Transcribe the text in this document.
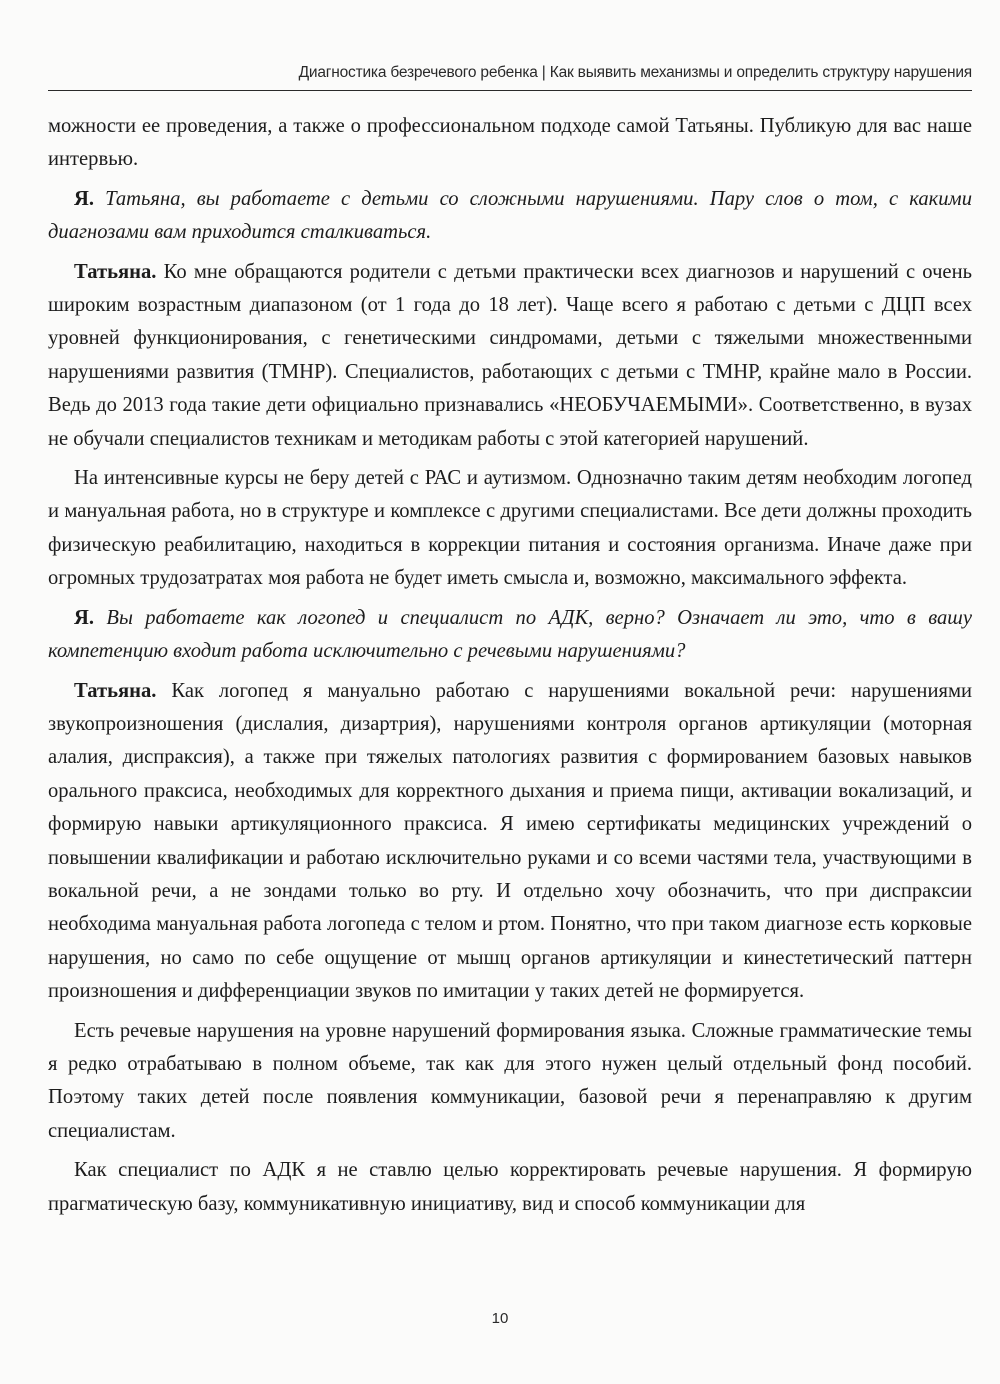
Диагностика безречевого ребенка | Как выявить механизмы и определить структуру нарушения

можности ее проведения, а также о профессиональном подходе самой Татьяны. Публикую для вас наше интервью.

Я. Татьяна, вы работаете с детьми со сложными нарушениями. Пару слов о том, с какими диагнозами вам приходится сталкиваться.

Татьяна. Ко мне обращаются родители с детьми практически всех диагнозов и нарушений с очень широким возрастным диапазоном (от 1 года до 18 лет). Чаще всего я работаю с детьми с ДЦП всех уровней функционирования, с генетическими синдромами, детьми с тяжелыми множественными нарушениями развития (ТМНР). Специалистов, работающих с детьми с ТМНР, крайне мало в России. Ведь до 2013 года такие дети официально признавались «НЕОБУЧАЕМЫМИ». Соответственно, в вузах не обучали специалистов техникам и методикам работы с этой категорией нарушений.

На интенсивные курсы не беру детей с РАС и аутизмом. Однозначно таким детям необходим логопед и мануальная работа, но в структуре и комплексе с другими специалистами. Все дети должны проходить физическую реабилитацию, находиться в коррекции питания и состояния организма. Иначе даже при огромных трудозатратах моя работа не будет иметь смысла и, возможно, максимального эффекта.

Я. Вы работаете как логопед и специалист по АДК, верно? Означает ли это, что в вашу компетенцию входит работа исключительно с речевыми нарушениями?

Татьяна. Как логопед я мануально работаю с нарушениями вокальной речи: нарушениями звукопроизношения (дислалия, дизартрия), нарушениями контроля органов артикуляции (моторная алалия, диспраксия), а также при тяжелых патологиях развития с формированием базовых навыков орального праксиса, необходимых для корректного дыхания и приема пищи, активации вокализаций, и формирую навыки артикуляционного праксиса. Я имею сертификаты медицинских учреждений о повышении квалификации и работаю исключительно руками и со всеми частями тела, участвующими в вокальной речи, а не зондами только во рту. И отдельно хочу обозначить, что при диспраксии необходима мануальная работа логопеда с телом и ртом. Понятно, что при таком диагнозе есть корковые нарушения, но само по себе ощущение от мышц органов артикуляции и кинестетический паттерн произношения и дифференциации звуков по имитации у таких детей не формируется.

Есть речевые нарушения на уровне нарушений формирования языка. Сложные грамматические темы я редко отрабатываю в полном объеме, так как для этого нужен целый отдельный фонд пособий. Поэтому таких детей после появления коммуникации, базовой речи я перенаправляю к другим специалистам.

Как специалист по АДК я не ставлю целью корректировать речевые нарушения. Я формирую прагматическую базу, коммуникативную инициативу, вид и способ коммуникации для

10
